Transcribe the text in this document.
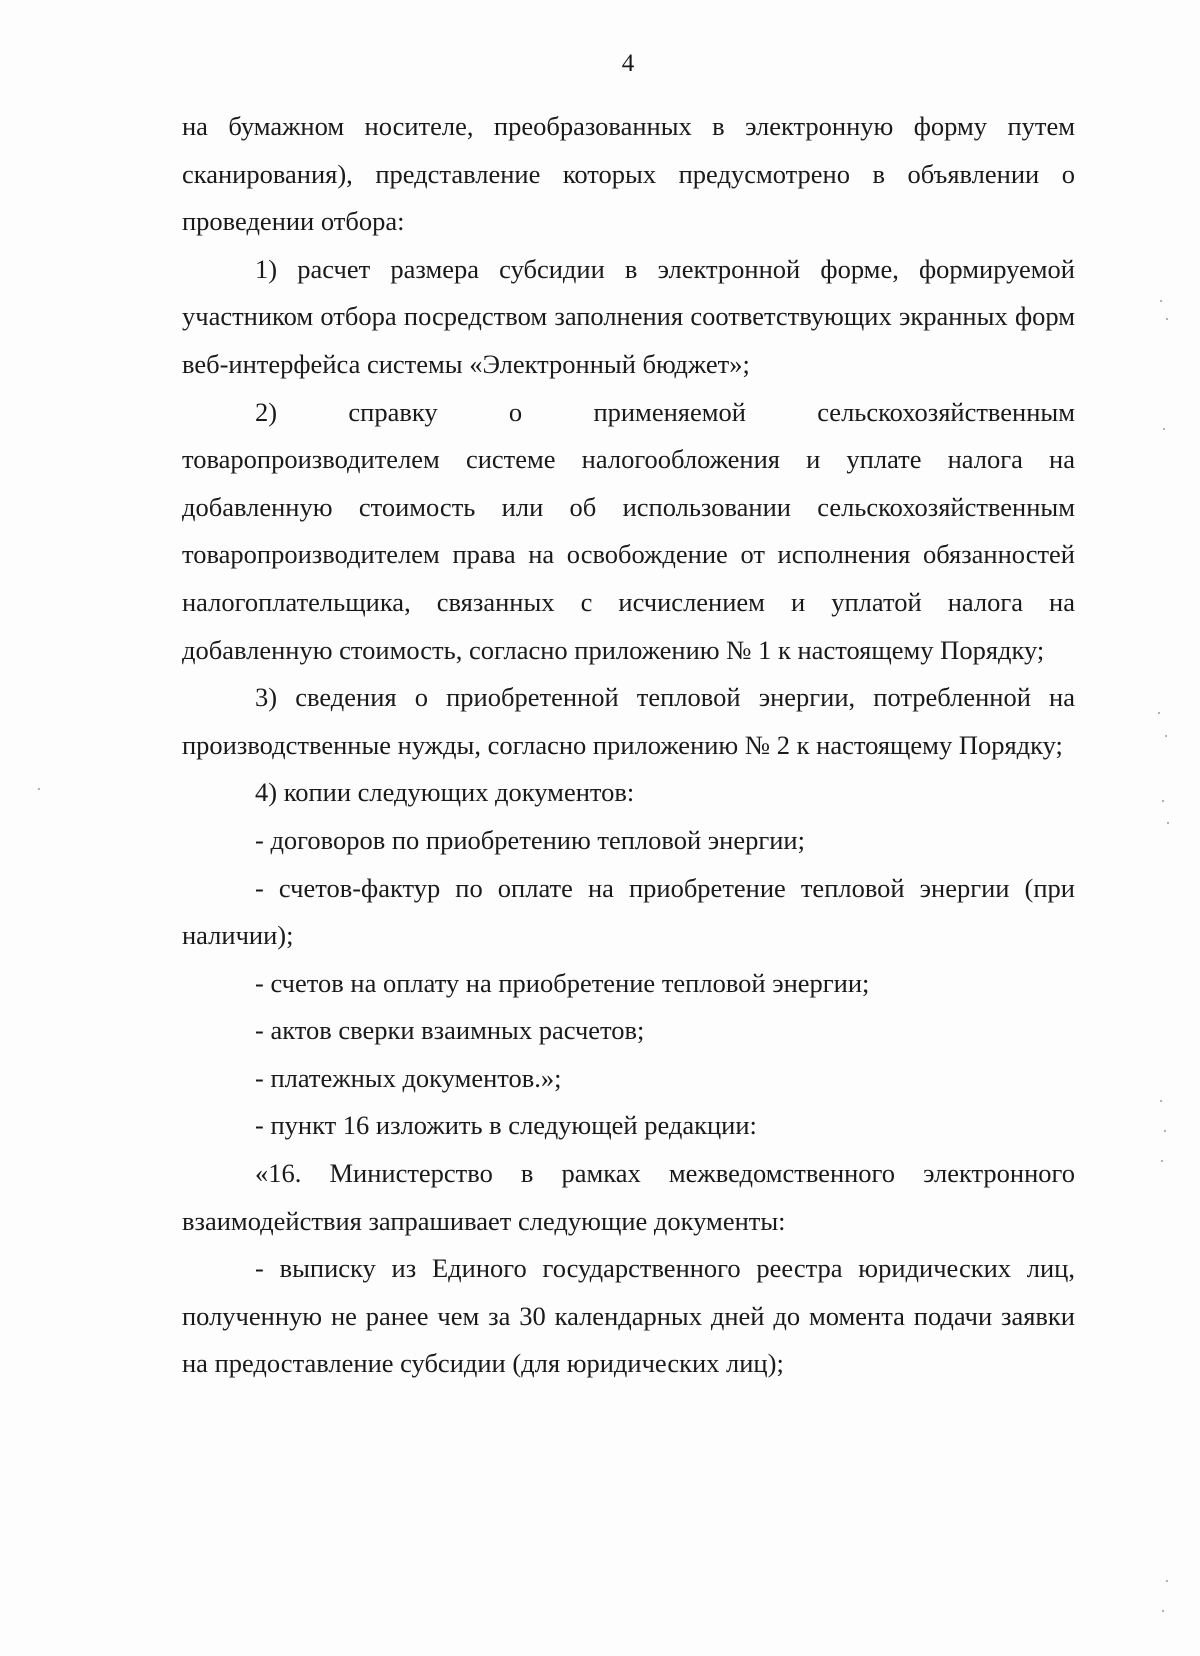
4

на бумажном носителе, преобразованных в электронную форму путем сканирования), представление которых предусмотрено в объявлении о проведении отбора:

1) расчет размера субсидии в электронной форме, формируемой участником отбора посредством заполнения соответствующих экранных форм веб-интерфейса системы «Электронный бюджет»;

2) справку о применяемой сельскохозяйственным товаропроизводителем системе налогообложения и уплате налога на добавленную стоимость или об использовании сельскохозяйственным товаропроизводителем права на освобождение от исполнения обязанностей налогоплательщика, связанных с исчислением и уплатой налога на добавленную стоимость, согласно приложению № 1 к настоящему Порядку;

3) сведения о приобретенной тепловой энергии, потребленной на производственные нужды, согласно приложению № 2 к настоящему Порядку;

4) копии следующих документов:

- договоров по приобретению тепловой энергии;

- счетов-фактур по оплате на приобретение тепловой энергии (при наличии);

- счетов на оплату на приобретение тепловой энергии;

- актов сверки взаимных расчетов;

- платежных документов.»;

- пункт 16 изложить в следующей редакции:

«16. Министерство в рамках межведомственного электронного взаимодействия запрашивает следующие документы:

- выписку из Единого государственного реестра юридических лиц, полученную не ранее чем за 30 календарных дней до момента подачи заявки на предоставление субсидии (для юридических лиц);
